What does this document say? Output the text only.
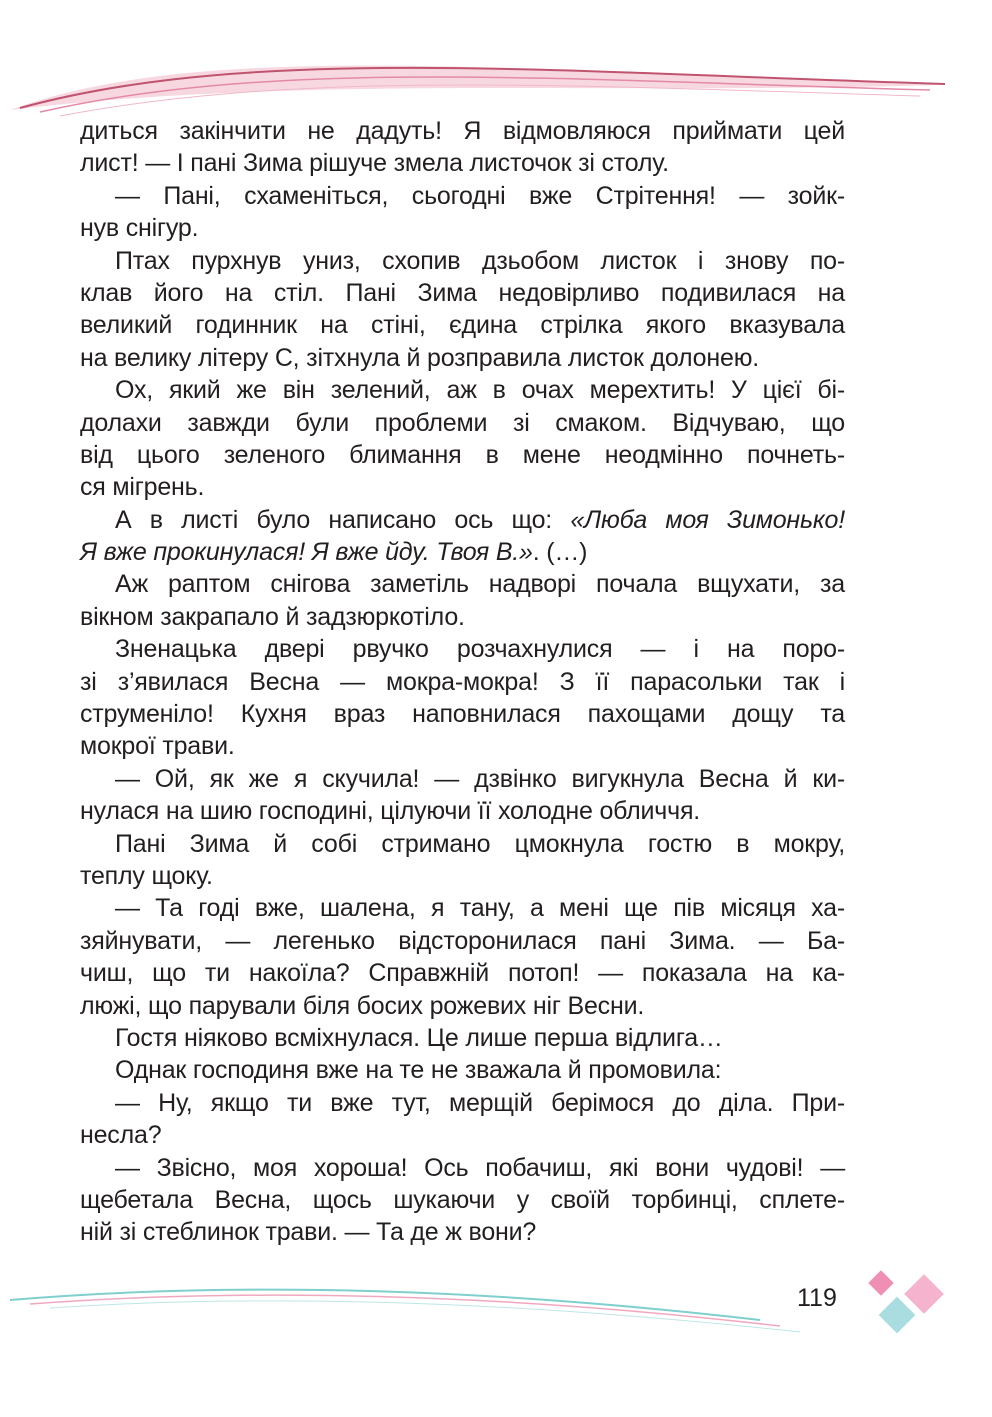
диться закінчити не дадуть! Я відмовляюся приймати цей
лист! — І пані Зима рішуче змела листочок зі столу.
— Пані, схаменіться, сьогодні вже Стрітення! — зойк-
нув снігур.
Птах пурхнув униз, схопив дзьобом листок і знову по-
клав його на стіл. Пані Зима недовірливо подивилася на
великий годинник на стіні, єдина стрілка якого вказувала
на велику літеру С, зітхнула й розправила листок долонею.
Ох, який же він зелений, аж в очах мерехтить! У цієї бі-
долахи завжди були проблеми зі смаком. Відчуваю, що
від цього зеленого блимання в мене неодмінно почнеть-
ся мігрень.
А в листі було написано ось що: «Люба моя Зимонько!
Я вже прокинулася! Я вже йду. Твоя В.». (…)
Аж раптом снігова заметіль надворі почала вщухати, за
вікном закрапало й задзюркотіло.
Зненацька двері рвучко розчахнулися — і на поро-
зі з’явилася Весна — мокра-мокра! З її парасольки так і
струменіло! Кухня враз наповнилася пахощами дощу та
мокрої трави.
— Ой, як же я скучила! — дзвінко вигукнула Весна й ки-
нулася на шию господині, цілуючи її холодне обличчя.
Пані Зима й собі стримано цмокнула гостю в мокру,
теплу щоку.
— Та годі вже, шалена, я тану, а мені ще пів місяця ха-
зяйнувати, — легенько відсторонилася пані Зима. — Ба-
чиш, що ти накоїла? Справжній потоп! — показала на ка-
люжі, що парували біля босих рожевих ніг Весни.
Гостя ніяково всміхнулася. Це лише перша відлига…
Однак господиня вже на те не зважала й промовила:
— Ну, якщо ти вже тут, мерщій берімося до діла. При-
несла?
— Звісно, моя хороша! Ось побачиш, які вони чудові! —
щебетала Весна, щось шукаючи у своїй торбинці, сплете-
ній зі стеблинок трави. — Та де ж вони?
119
